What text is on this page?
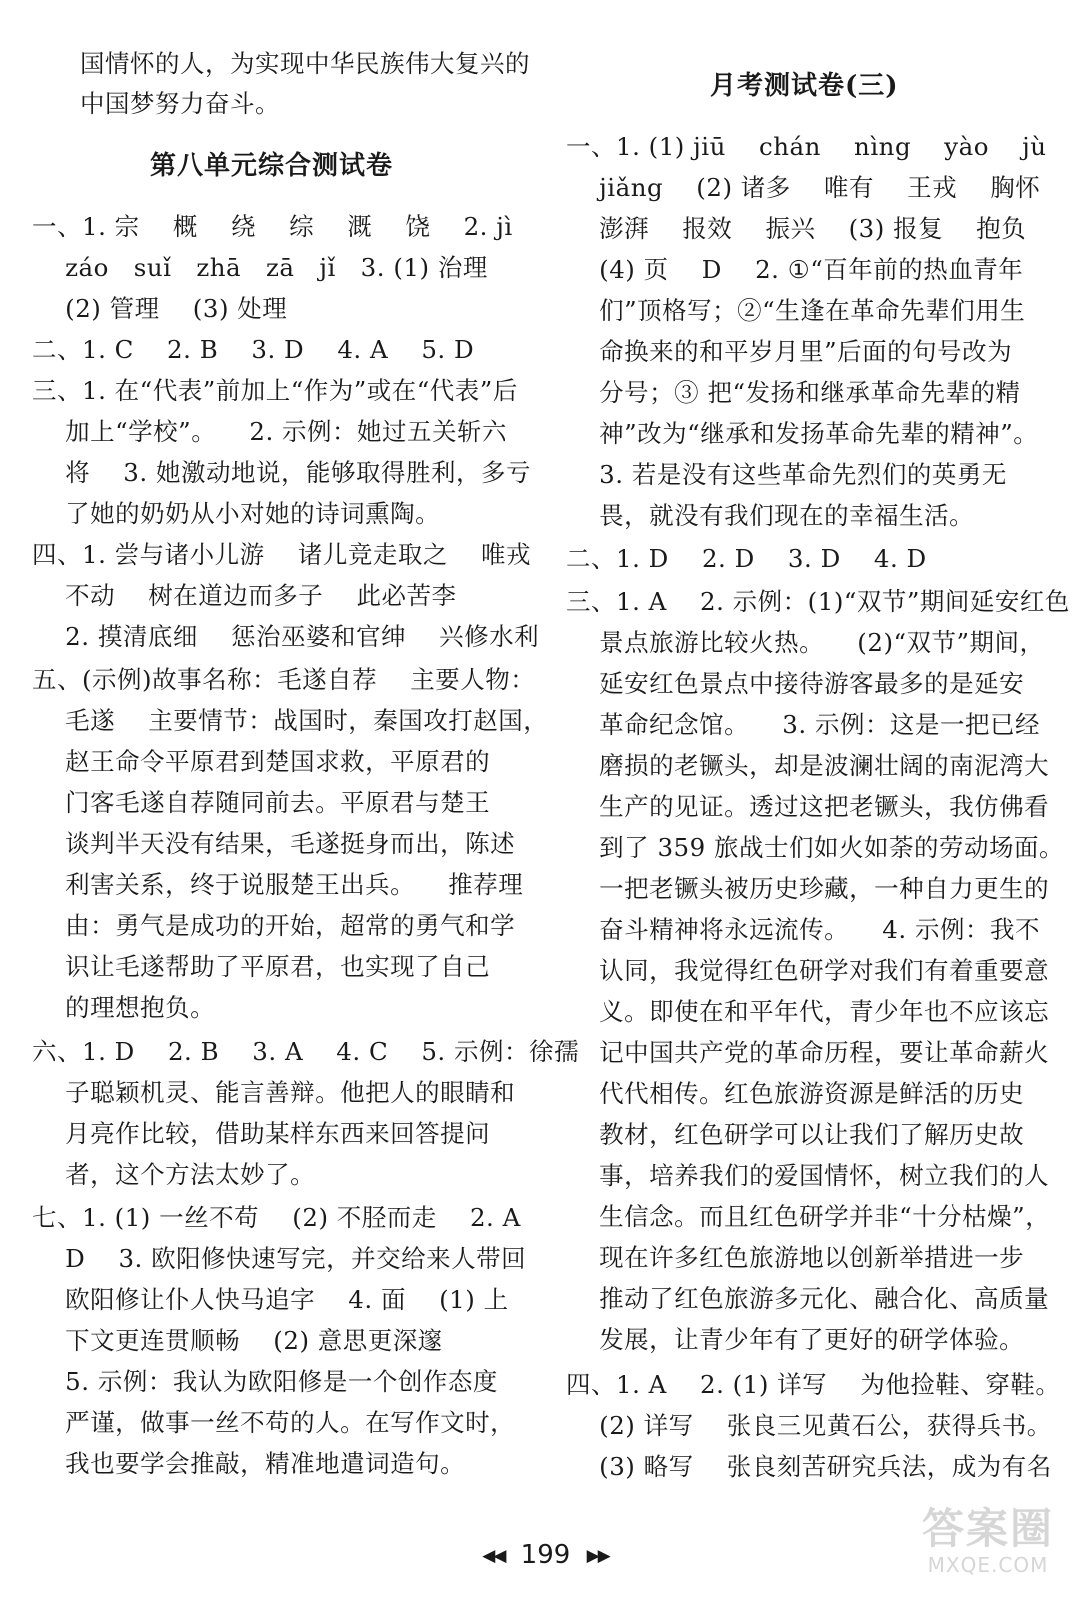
国情怀的人，为实现中华民族伟大复兴的
中国梦努力奋斗。
第八单元综合测试卷
一、1. 宗    概    绕    综    溉    饶    2. jì
záo   suǐ   zhā   zā   jǐ   3. (1) 治理
(2) 管理    (3) 处理
二、1. C    2. B    3. D    4. A    5. D
三、1. 在“代表”前加上“作为”或在“代表”后
加上“学校”。    2. 示例：她过五关斩六
将    3. 她激动地说，能够取得胜利，多亏
了她的奶奶从小对她的诗词熏陶。
四、1. 尝与诸小儿游    诸儿竞走取之    唯戎
不动    树在道边而多子    此必苦李
2. 摸清底细    惩治巫婆和官绅    兴修水利
五、(示例)故事名称：毛遂自荐    主要人物：
毛遂    主要情节：战国时，秦国攻打赵国，
赵王命令平原君到楚国求救，平原君的
门客毛遂自荐随同前去。平原君与楚王
谈判半天没有结果，毛遂挺身而出，陈述
利害关系，终于说服楚王出兵。    推荐理
由：勇气是成功的开始，超常的勇气和学
识让毛遂帮助了平原君，也实现了自己
的理想抱负。
六、1. D    2. B    3. A    4. C    5. 示例：徐孺
子聪颖机灵、能言善辩。他把人的眼睛和
月亮作比较，借助某样东西来回答提问
者，这个方法太妙了。
七、1. (1) 一丝不苟    (2) 不胫而走    2. A
D    3. 欧阳修快速写完，并交给来人带回
欧阳修让仆人快马追字    4. 面    (1) 上
下文更连贯顺畅    (2) 意思更深邃
5. 示例：我认为欧阳修是一个创作态度
严谨，做事一丝不苟的人。在写作文时，
我也要学会推敲，精准地遣词造句。
月考测试卷(三)
一、1. (1) jiū    chán    nìng    yào    jù
jiǎng    (2) 诸多    唯有    王戎    胸怀
澎湃    报效    振兴    (3) 报复    抱负
(4) 页    D    2. ①“百年前的热血青年
们”顶格写；②“生逢在革命先辈们用生
命换来的和平岁月里”后面的句号改为
分号；③ 把“发扬和继承革命先辈的精
神”改为“继承和发扬革命先辈的精神”。
3. 若是没有这些革命先烈们的英勇无
畏，就没有我们现在的幸福生活。
二、1. D    2. D    3. D    4. D
三、1. A    2. 示例：(1)“双节”期间延安红色
景点旅游比较火热。    (2)“双节”期间，
延安红色景点中接待游客最多的是延安
革命纪念馆。    3. 示例：这是一把已经
磨损的老镢头，却是波澜壮阔的南泥湾大
生产的见证。透过这把老镢头，我仿佛看
到了 359 旅战士们如火如荼的劳动场面。
一把老镢头被历史珍藏，一种自力更生的
奋斗精神将永远流传。    4. 示例：我不
认同，我觉得红色研学对我们有着重要意
义。即使在和平年代，青少年也不应该忘
记中国共产党的革命历程，要让革命薪火
代代相传。红色旅游资源是鲜活的历史
教材，红色研学可以让我们了解历史故
事，培养我们的爱国情怀，树立我们的人
生信念。而且红色研学并非“十分枯燥”，
现在许多红色旅游地以创新举措进一步
推动了红色旅游多元化、融合化、高质量
发展，让青少年有了更好的研学体验。
四、1. A    2. (1) 详写    为他捡鞋、穿鞋。
(2) 详写    张良三见黄石公，获得兵书。
(3) 略写    张良刻苦研究兵法，成为有名
◀◀ 199 ▶▶
答案圈
MXQE.COM
